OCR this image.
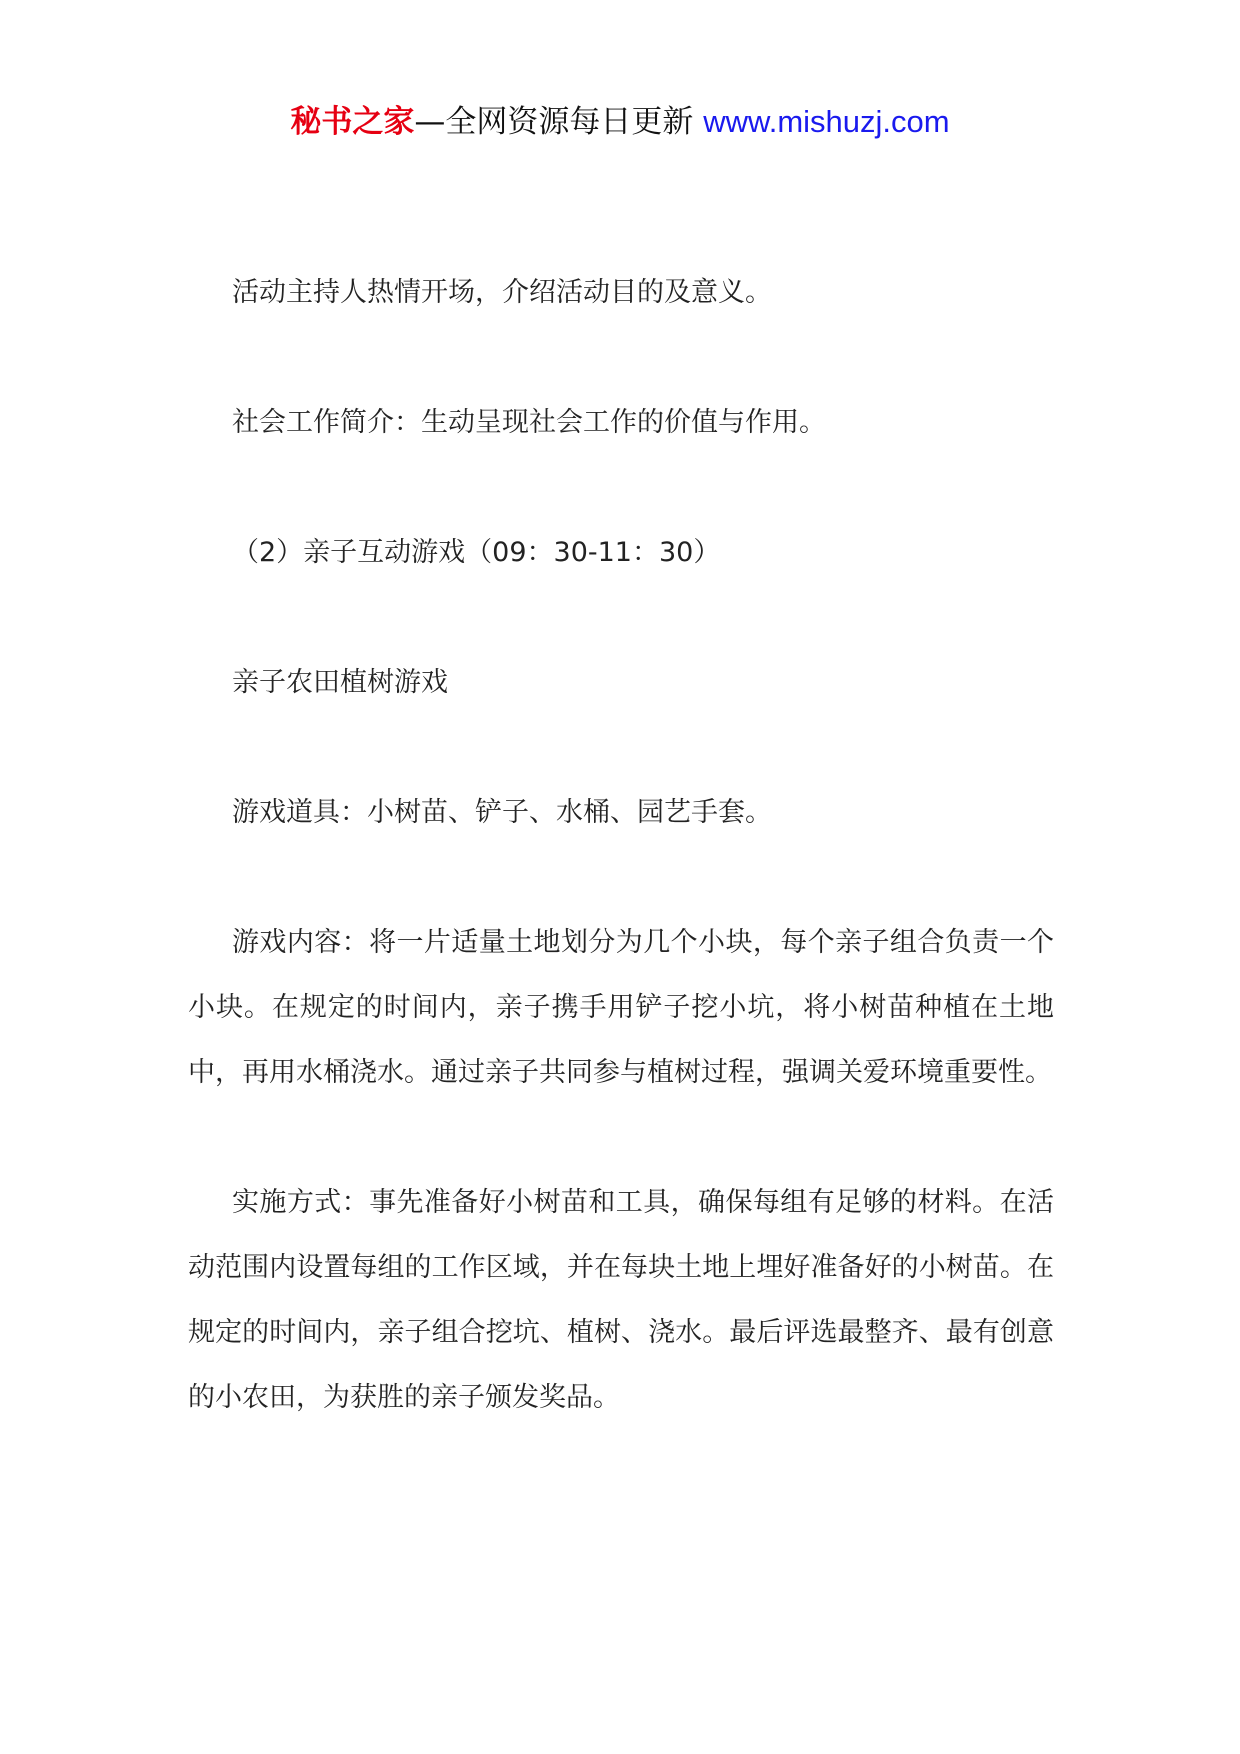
秘书之家—全网资源每日更新 www.mishuzj.com

活动主持人热情开场，介绍活动目的及意义。

社会工作简介：生动呈现社会工作的价值与作用。

（2）亲子互动游戏（09：30-11：30）

亲子农田植树游戏

游戏道具：小树苗、铲子、水桶、园艺手套。

游戏内容：将一片适量土地划分为几个小块，每个亲子组合负责一个小块。在规定的时间内，亲子携手用铲子挖小坑，将小树苗种植在土地中，再用水桶浇水。通过亲子共同参与植树过程，强调关爱环境重要性。

实施方式：事先准备好小树苗和工具，确保每组有足够的材料。在活动范围内设置每组的工作区域，并在每块土地上埋好准备好的小树苗。在规定的时间内，亲子组合挖坑、植树、浇水。最后评选最整齐、最有创意的小农田，为获胜的亲子颁发奖品。
